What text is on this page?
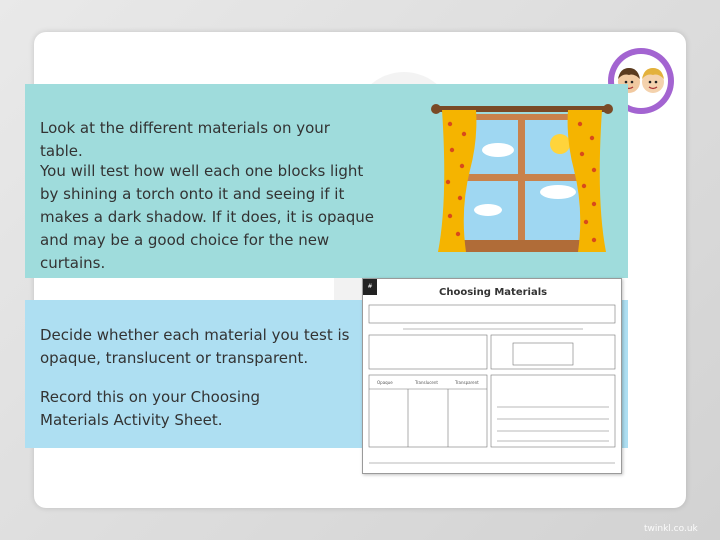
Look at the different materials on your table.

You will test how well each one blocks light by shining a torch onto it and seeing if it makes a dark shadow. If it does, it is opaque and may be a good choice for the new curtains.

Decide whether each material you test is opaque, translucent or transparent.

Record this on your Choosing Materials Activity Sheet.

#
Choosing Materials
Opaque	Translucent	Transparent
twinkl.co.uk
